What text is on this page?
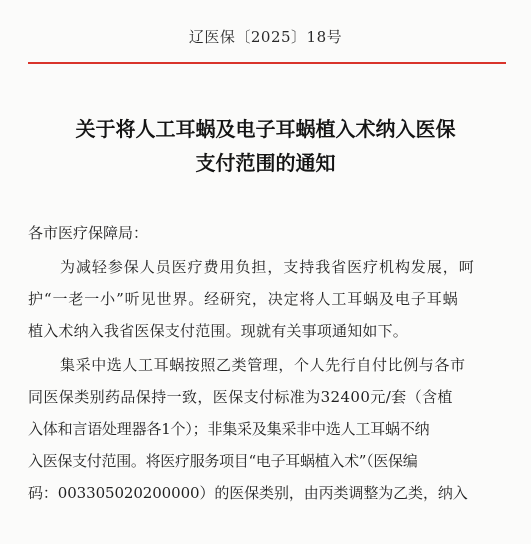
辽医保〔2025〕18号
关于将人工耳蜗及电子耳蜗植入术纳入医保
支付范围的通知
各市医疗保障局：
为减轻参保人员医疗费用负担，支持我省医疗机构发展，呵
护“一老一小”听见世界。经研究，决定将人工耳蜗及电子耳蜗
植入术纳入我省医保支付范围。现就有关事项通知如下。
集采中选人工耳蜗按照乙类管理，个人先行自付比例与各市
同医保类别药品保持一致，医保支付标准为32400元/套（含植
入体和言语处理器各1个）；非集采及集采非中选人工耳蜗不纳
入医保支付范围。将医疗服务项目“电子耳蜗植入术”（医保编
码：003305020200000）的医保类别，由丙类调整为乙类，纳入
